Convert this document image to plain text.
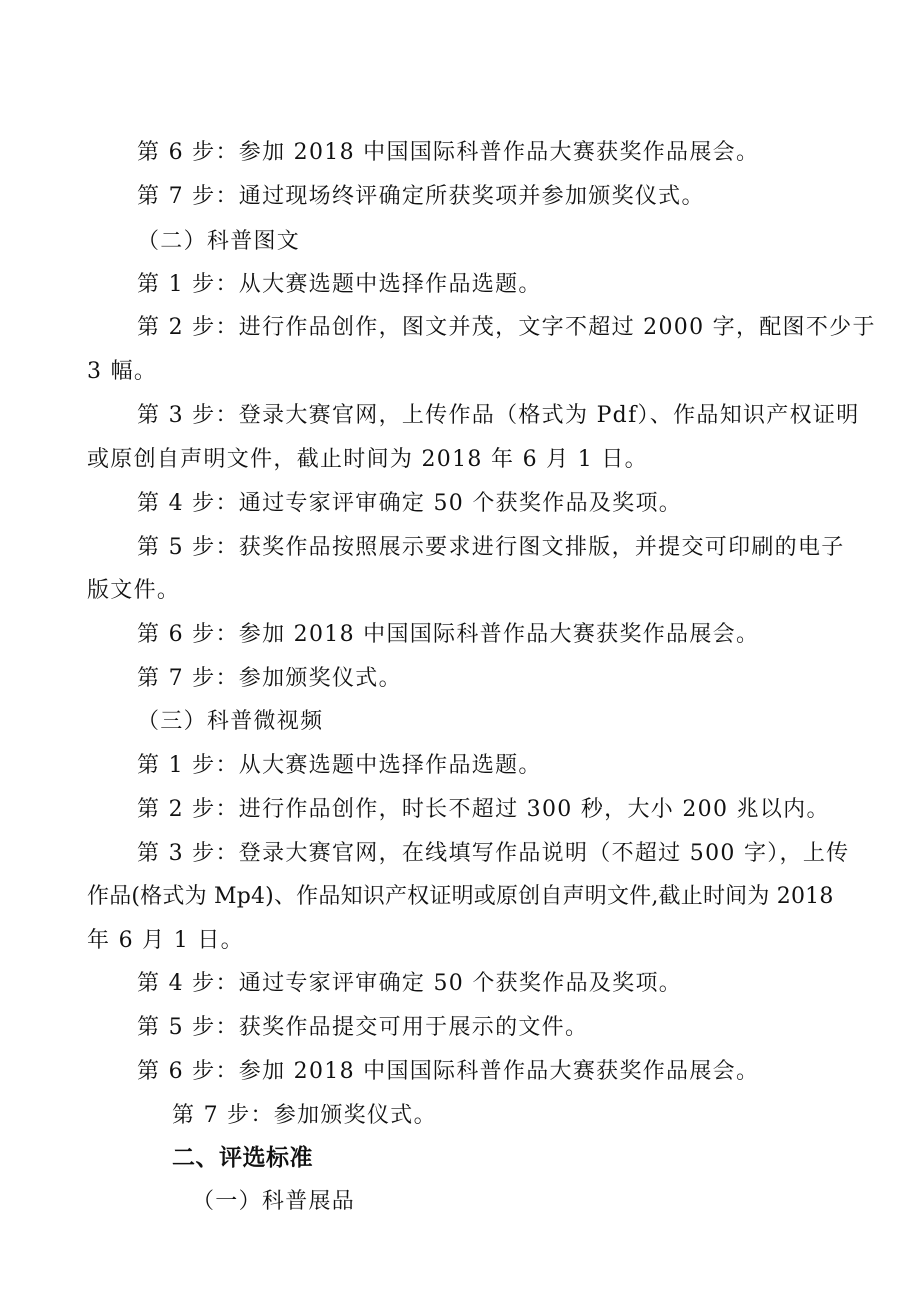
第 6 步：参加 2018 中国国际科普作品大赛获奖作品展会。
第 7 步：通过现场终评确定所获奖项并参加颁奖仪式。
（二）科普图文
第 1 步：从大赛选题中选择作品选题。
第 2 步：进行作品创作，图文并茂，文字不超过 2000 字，配图不少于
3 幅。
第 3 步：登录大赛官网，上传作品（格式为 Pdf）、作品知识产权证明
或原创自声明文件，截止时间为 2018 年 6 月 1 日。
第 4 步：通过专家评审确定 50 个获奖作品及奖项。
第 5 步：获奖作品按照展示要求进行图文排版，并提交可印刷的电子
版文件。
第 6 步：参加 2018 中国国际科普作品大赛获奖作品展会。
第 7 步：参加颁奖仪式。
（三）科普微视频
第 1 步：从大赛选题中选择作品选题。
第 2 步：进行作品创作，时长不超过 300 秒，大小 200 兆以内。
第 3 步：登录大赛官网，在线填写作品说明（不超过 500 字），上传
作品(格式为 Mp4)、作品知识产权证明或原创自声明文件,截止时间为 2018
年 6 月 1 日。
第 4 步：通过专家评审确定 50 个获奖作品及奖项。
第 5 步：获奖作品提交可用于展示的文件。
第 6 步：参加 2018 中国国际科普作品大赛获奖作品展会。
第 7 步：参加颁奖仪式。
二、评选标准
（一）科普展品
